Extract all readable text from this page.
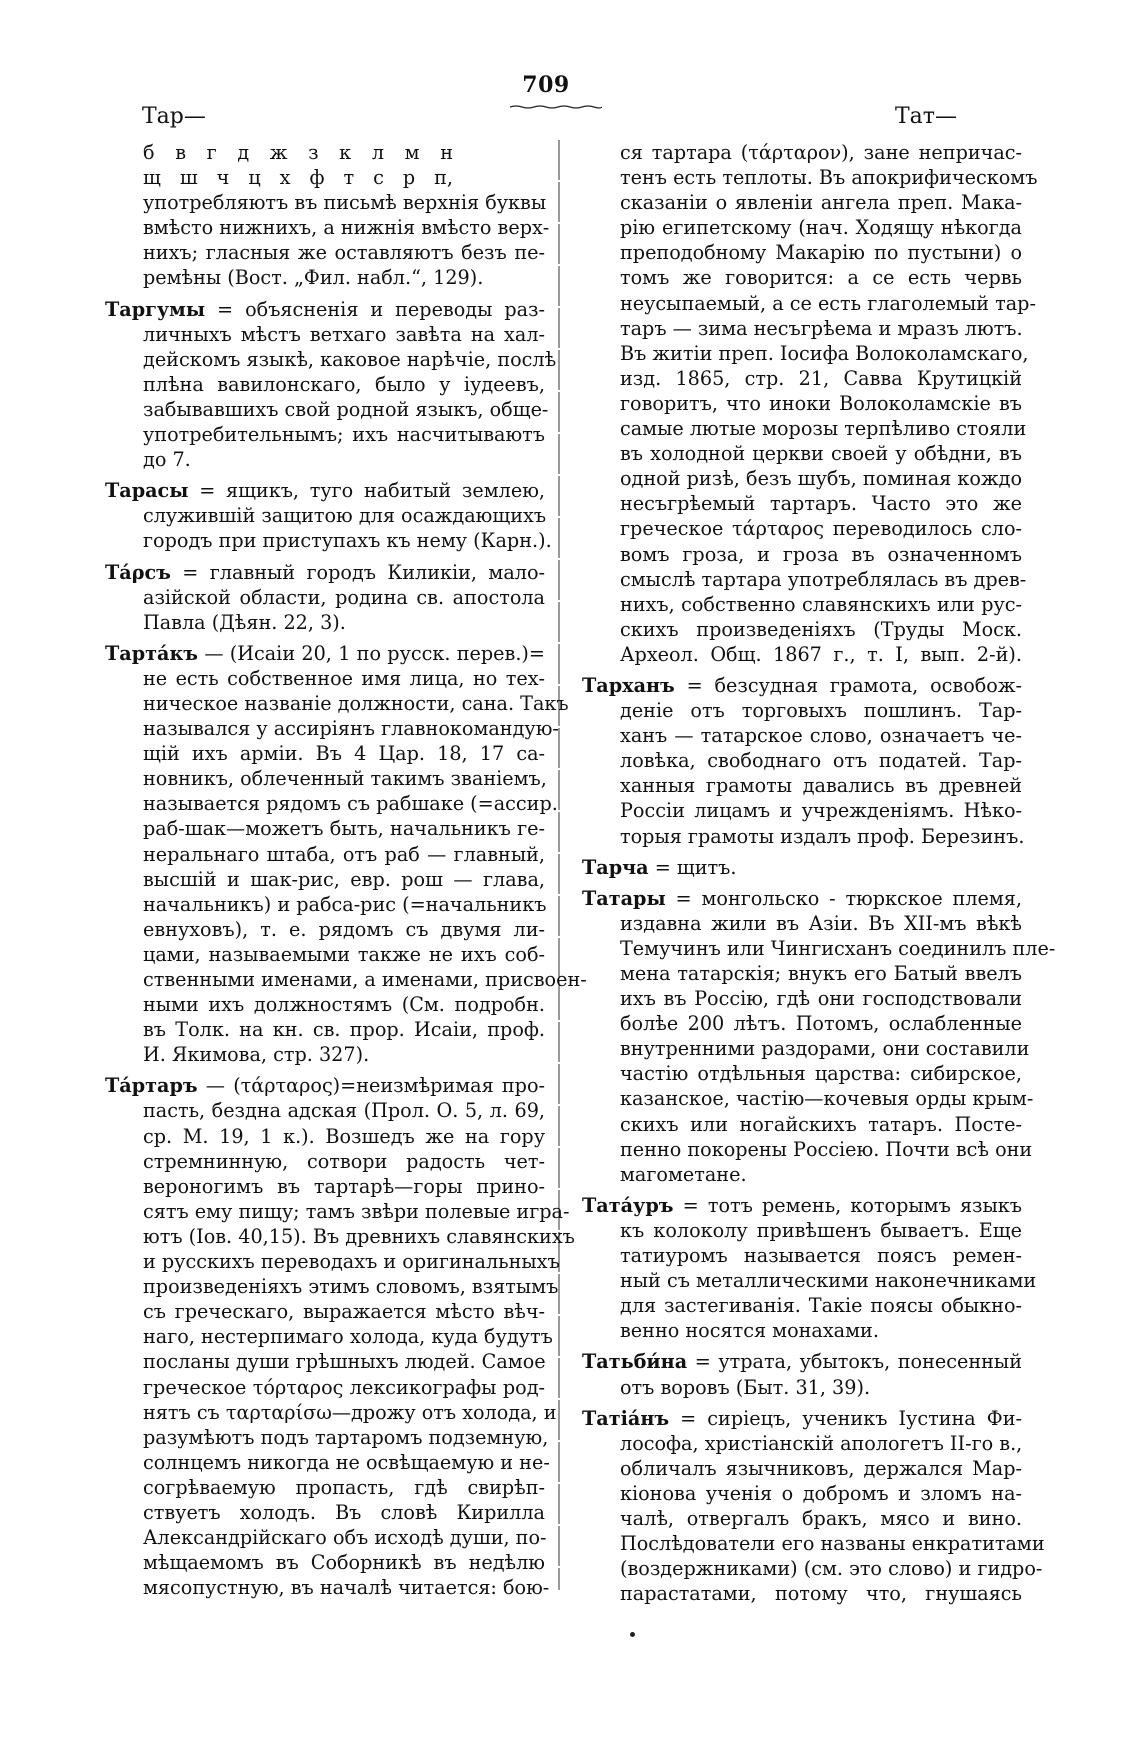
Тар—
709
Тат—
б в г д ж з к л м н
щ ш ч ц х ф т с р п,
употребляютъ въ письмѣ верхнія буквы
вмѣсто нижнихъ, а нижнія вмѣсто верх-
нихъ; гласныя же оставляютъ безъ пе-
ремѣны (Вост. „Фил. набл.“, 129).
Таргумы = объясненія и переводы раз-
личныхъ мѣстъ ветхаго завѣта на хал-
дейскомъ языкѣ, каковое нарѣчіе, послѣ
плѣна вавилонскаго, было у іудеевъ,
забывавшихъ свой родной языкъ, обще-
употребительнымъ; ихъ насчитываютъ
до 7.
Тарасы = ящикъ, туго набитый землею,
служившій защитою для осаждающихъ
городъ при приступахъ къ нему (Карн.).
Та́ρсъ = главный городъ Киликіи, мало-
азійской области, родина св. апостола
Павла (Дѣян. 22, 3).
Тарта́къ — (Исаіи 20, 1 по русск. перев.)=
не есть собственное имя лица, но тех-
ническое названіе должности, сана. Такъ
назывался у ассиріянъ главнокомандую-
щій ихъ арміи. Въ 4 Цар. 18, 17 са-
новникъ, облеченный такимъ званіемъ,
называется рядомъ съ рабшаке (=ассир.
раб-шак—можетъ быть, начальникъ ге-
неральнаго штаба, отъ раб — главный,
высшій и шак-рис, евр. рош — глава,
начальникъ) и рабса-рис (=начальникъ
евнуховъ), т. е. рядомъ съ двумя ли-
цами, называемыми также не ихъ соб-
ственными именами, а именами, присвоен-
ными ихъ должностямъ (См. подробн.
въ Толк. на кн. св. прор. Исаіи, проф.
И. Якимова, стр. 327).
Та́ртаръ — (τάρταρος)=неизмѣримая про-
пасть, бездна адская (Прол. О. 5, л. 69,
ср. М. 19, 1 к.). Возшедъ же на гору
стремнинную, сотвори радость чет-
вероногимъ въ тартарѣ—горы прино-
сятъ ему пищу; тамъ звѣри полевые игра-
ютъ (Іов. 40,15). Въ древнихъ славянскихъ
и русскихъ переводахъ и оригинальныхъ
произведеніяхъ этимъ словомъ, взятымъ
съ греческаго, выражается мѣсто вѣч-
наго, нестерпимаго холода, куда будутъ
посланы души грѣшныхъ людей. Самое
греческое τόρταρος лексикографы род-
нятъ съ ταρταρίσω—дрожу отъ холода, и
разумѣютъ подъ тартаромъ подземную,
солнцемъ никогда не освѣщаемую и не-
согрѣваемую пропасть, гдѣ свирѣп-
ствуетъ холодъ. Въ словѣ Кирилла
Александрійскаго объ исходѣ души, по-
мѣщаемомъ въ Соборникѣ въ недѣлю
мясопустную, въ началѣ читается: бою-
ся тартара (τάρταρον), зане непричас-
тенъ есть теплоты. Въ апокрифическомъ
сказаніи о явленіи ангела преп. Мака-
рію египетскому (нач. Ходящу нѣкогда
преподобному Макарію по пустыни) о
томъ же говорится: а се есть червь
неусыпаемый, а се есть глаголемый тар-
таръ — зима несъгрѣема и мразъ лютъ.
Въ житіи преп. Іосифа Волоколамскаго,
изд. 1865, стр. 21, Савва Крутицкій
говоритъ, что иноки Волоколамскіе въ
самые лютые морозы терпѣливо стояли
въ холодной церкви своей у обѣдни, въ
одной ризѣ, безъ шубъ, поминая кождо
несъгрѣемый тартаръ. Часто это же
греческое τάρταρος переводилось сло-
вомъ гроза, и гроза въ означенномъ
смыслѣ тартара употреблялась въ древ-
нихъ, собственно славянскихъ или рус-
скихъ произведеніяхъ (Труды Моск.
Археол. Общ. 1867 г., т. I, вып. 2-й).
Тарханъ = безсудная грамота, освобож-
деніе отъ торговыхъ пошлинъ. Тар-
ханъ — татарское слово, означаетъ че-
ловѣка, свободнаго отъ податей. Тар-
ханныя грамоты давались въ древней
Россіи лицамъ и учрежденіямъ. Нѣко-
торыя грамоты издалъ проф. Березинъ.
Тарча = щитъ.
Татары = монгольско - тюркское племя,
издавна жили въ Азіи. Въ XII-мъ вѣкѣ
Темучинъ или Чингисханъ соединилъ пле-
мена татарскія; внукъ его Батый ввелъ
ихъ въ Россію, гдѣ они господствовали
болѣе 200 лѣтъ. Потомъ, ослабленные
внутренними раздорами, они составили
частію отдѣльныя царства: сибирское,
казанское, частію—кочевыя орды крым-
скихъ или ногайскихъ татаръ. Посте-
пенно покорены Россіею. Почти всѣ они
магометане.
Тата́уръ = тотъ ремень, которымъ языкъ
къ колоколу привѣшенъ бываетъ. Еще
татиуромъ называется поясъ ремен-
ный съ металлическими наконечниками
для застегиванія. Такіе поясы обыкно-
венно носятся монахами.
Татьби́на = утрата, убытокъ, понесенный
отъ воровъ (Быт. 31, 39).
Татіа́нъ = сиріецъ, ученикъ Іустина Фи-
лософа, христіанскій апологетъ II-го в.,
обличалъ язычниковъ, держался Мар-
кіонова ученія о добромъ и зломъ на-
чалѣ, отвергалъ бракъ, мясо и вино.
Послѣдователи его названы енкратитами
(воздержниками) (см. это слово) и гидро-
парастатами, потому что, гнушаясь
